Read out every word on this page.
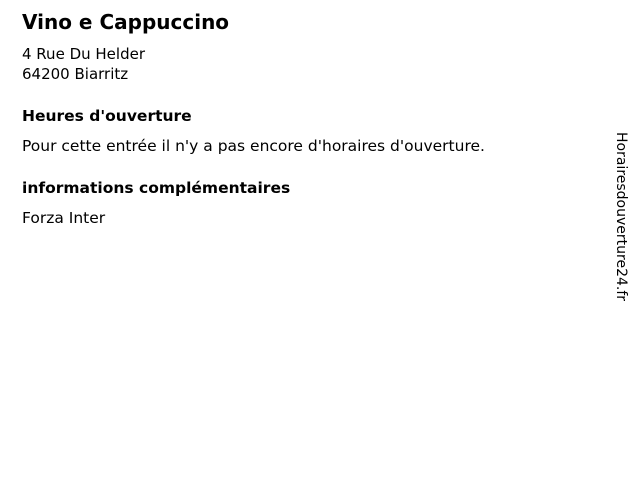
Vino e Cappuccino
4 Rue Du Helder
64200 Biarritz
Heures d'ouverture

Pour cette entrée il n'y a pas encore d'horaires d'ouverture.

informations complémentaires

Forza Inter	Horairesdouverture24.fr
